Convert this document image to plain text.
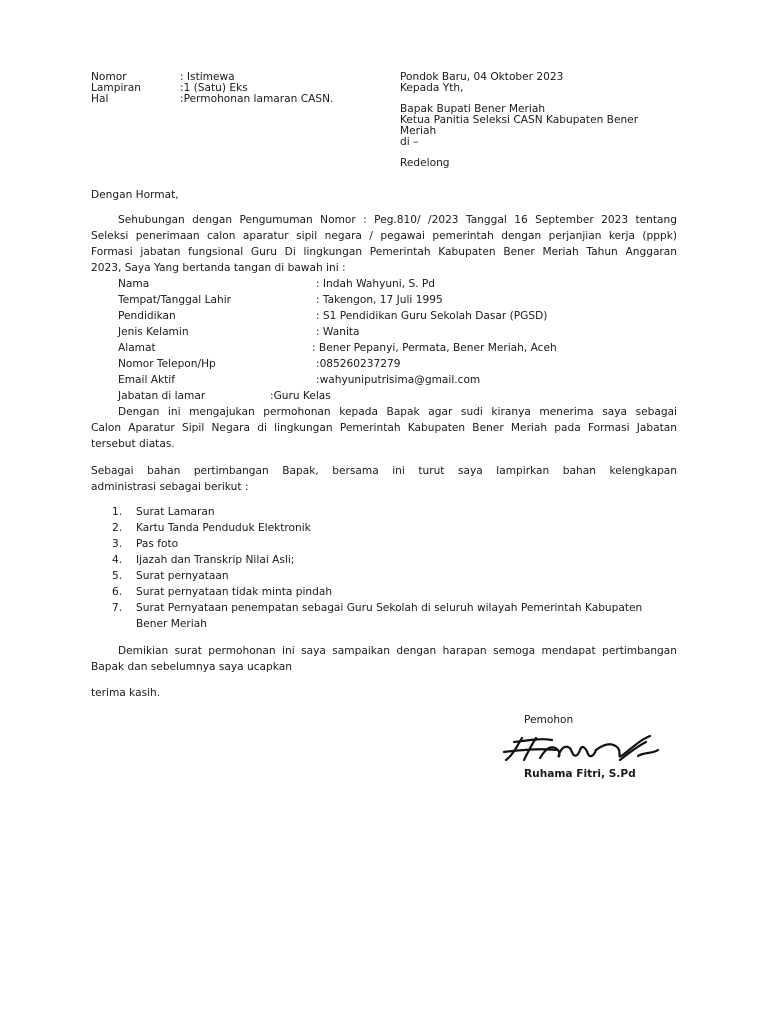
Nomor	: Istimewa
Lampiran	:1 (Satu) Eks
Hal	:Permohonan lamaran CASN.
Pondok Baru, 04 Oktober 2023
Kepada Yth,
Bapak Bupati Bener Meriah
Ketua Panitia Seleksi CASN Kabupaten Bener
Meriah
di –
Redelong
Dengan Hormat,
Sehubungan dengan Pengumuman Nomor : Peg.810/ /2023 Tanggal 16 September 2023 tentang
Seleksi penerimaan calon aparatur sipil negara / pegawai pemerintah dengan perjanjian kerja (pppk)
Formasi jabatan fungsional Guru Di lingkungan Pemerintah Kabupaten Bener Meriah Tahun Anggaran
2023, Saya Yang bertanda tangan di bawah ini :
Nama	: Indah Wahyuni, S. Pd
Tempat/Tanggal Lahir	: Takengon, 17 Juli 1995
Pendidikan	: S1 Pendidikan Guru Sekolah Dasar (PGSD)
Jenis Kelamin	: Wanita
Alamat	: Bener Pepanyi, Permata, Bener Meriah, Aceh
Nomor Telepon/Hp	:085260237279
Email Aktif	:wahyuniputrisima@gmail.com
Jabatan di lamar	:Guru Kelas
Dengan ini mengajukan permohonan kepada Bapak agar sudi kiranya menerima saya sebagai
Calon Aparatur Sipil Negara di lingkungan Pemerintah Kabupaten Bener Meriah pada Formasi Jabatan
tersebut diatas.
Sebagai bahan pertimbangan Bapak, bersama ini turut saya lampirkan bahan kelengkapan
administrasi sebagai berikut :
1. Surat Lamaran
2. Kartu Tanda Penduduk Elektronik
3. Pas foto
4. Ijazah dan Transkrip Nilai Asli;
5. Surat pernyataan
6. Surat pernyataan tidak minta pindah
7. Surat Pernyataan penempatan sebagai Guru Sekolah di seluruh wilayah Pemerintah Kabupaten
Bener Meriah
Demikian surat permohonan ini saya sampaikan dengan harapan semoga mendapat pertimbangan
Bapak dan sebelumnya saya ucapkan
terima kasih.
Pemohon
Ruhama Fitri, S.Pd
